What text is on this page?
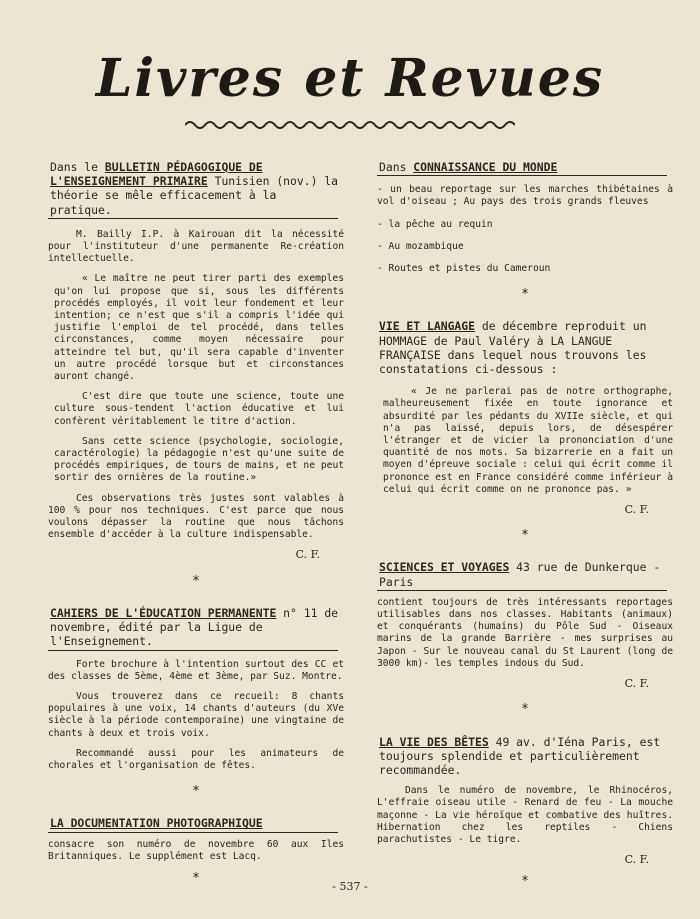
Livres et Revues
Dans le BULLETIN PÉDAGOGIQUE DE L'ENSEIGNEMENT PRIMAIRE Tunisien (nov.) la théorie se mêle efficacement à la pratique.

M. Bailly I.P. à Kairouan dit la nécessité pour l'instituteur d'une permanente Re-création intellectuelle.

« Le maître ne peut tirer parti des exemples qu'on lui propose que si, sous les différents procédés employés, il voit leur fondement et leur intention; ce n'est que s'il a compris l'idée qui justifie l'emploi de tel procédé, dans telles circonstances, comme moyen nécessaire pour atteindre tel but, qu'il sera capable d'inventer un autre procédé lorsque but et circonstances auront changé.

C'est dire que toute une science, toute une culture sous-tendent l'action éducative et lui confèrent véritablement le titre d'action.

Sans cette science (psychologie, sociologie, caractérologie) la pédagogie n'est qu'une suite de procédés empiriques, de tours de mains, et ne peut sortir des ornières de la routine.»

Ces observations très justes sont valables à 100 % pour nos techniques. C'est parce que nous voulons dépasser la routine que nous tâchons ensemble d'accéder à la culture indispensable.

C. F.
*
CAHIERS DE L'ÉDUCATION PERMANENTE n° 11 de novembre, édité par la Ligue de l'Enseignement.

Forte brochure à l'intention surtout des CC et des classes de 5ème, 4ème et 3ème, par Suz. Montre.

Vous trouverez dans ce recueil: 8 chants populaires à une voix, 14 chants d'auteurs (du XVe siècle à la période contemporaine) une vingtaine de chants à deux et trois voix.

Recommandé aussi pour les animateurs de chorales et l'organisation de fêtes.

*
LA DOCUMENTATION PHOTOGRAPHIQUE

consacre son numéro de novembre 60 aux Iles Britanniques. Le supplément est Lacq.

*
Dans CONNAISSANCE DU MONDE

- un beau reportage sur les marches thibétaines à vol d'oiseau ; Au pays des trois grands fleuves

- la pêche au requin

- Au mozambique

- Routes et pistes du Cameroun

*
VIE ET LANGAGE de décembre reproduit un HOMMAGE de Paul Valéry à LA LANGUE FRANÇAISE dans lequel nous trouvons les constatations ci-dessous :

« Je ne parlerai pas de notre orthographe, malheureusement fixée en toute ignorance et absurdité par les pédants du XVIIe siècle, et qui n'a pas laissé, depuis lors, de désespérer l'étranger et de vicier la prononciation d'une quantité de nos mots. Sa bizarrerie en a fait un moyen d'épreuve sociale : celui qui écrit comme il prononce est en France considéré comme inférieur à celui qui écrit comme on ne prononce pas. »

C. F.
*
SCIENCES ET VOYAGES 43 rue de Dunkerque - Paris

contient toujours de très intéressants reportages utilisables dans nos classes. Habitants (animaux) et conquérants (humains) du Pôle Sud - Oiseaux marins de la grande Barrière - mes surprises au Japon - Sur le nouveau canal du St Laurent (long de 3000 km)- les temples indous du Sud.

C. F.
*
LA VIE DES BÊTES 49 av. d'Iéna Paris, est toujours splendide et particulièrement recommandée.

Dans le numéro de novembre, le Rhinocéros, L'effraie oiseau utile - Renard de feu - La mouche maçonne - La vie héroïque et combative des huîtres. Hibernation chez les reptiles - Chiens parachutistes - Le tigre.

C. F.
*
- 537 -
